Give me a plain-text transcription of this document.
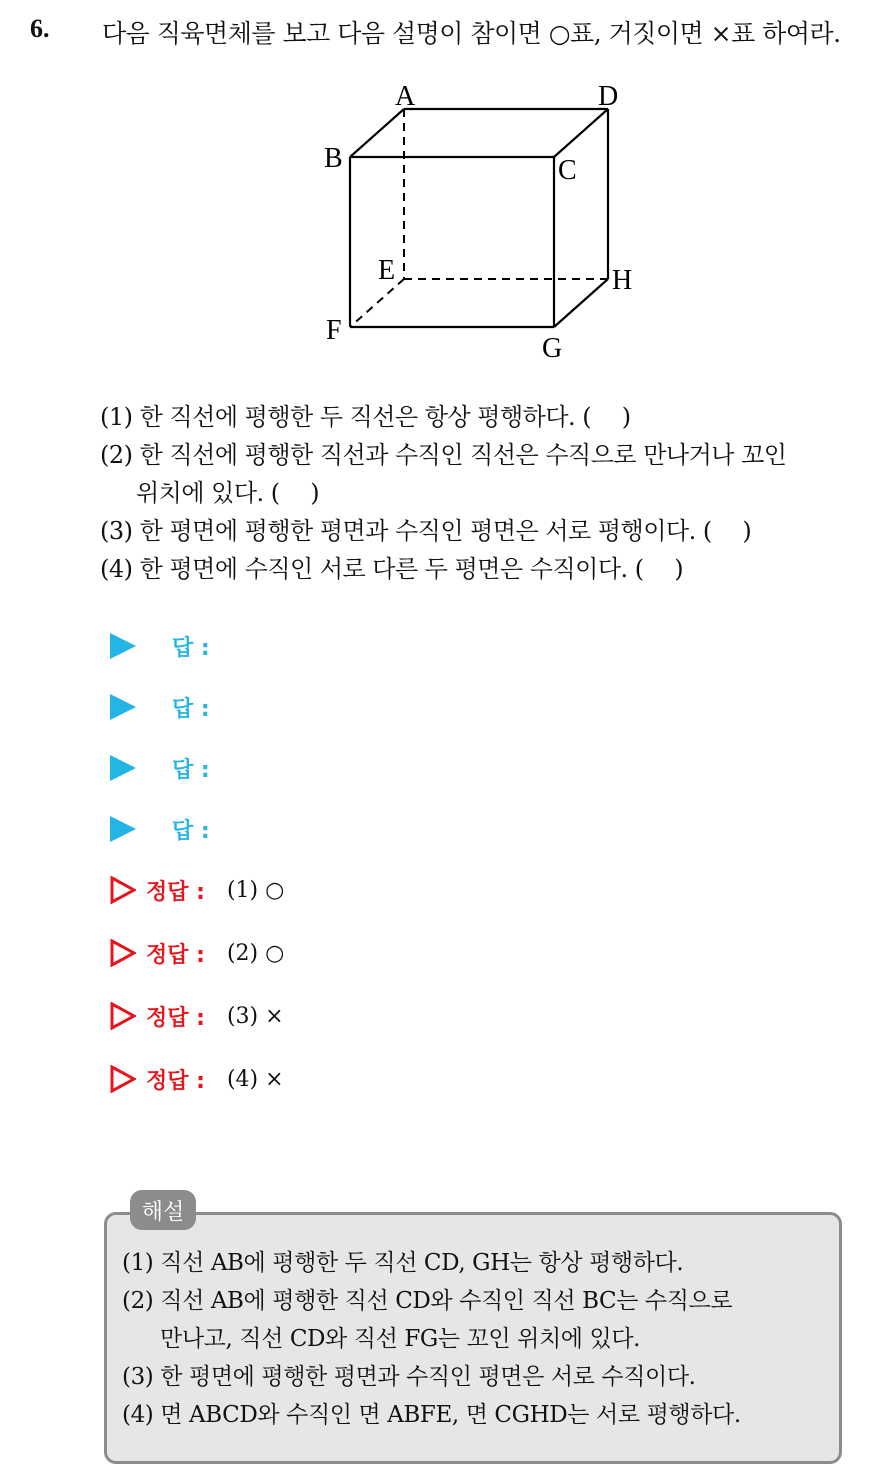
6. 다음 직육면체를 보고 다음 설명이 참이면 ○표, 거짓이면 ×표 하여라.
A	D
B	C
E	H
F
G
(1) 한 직선에 평행한 두 직선은 항상 평행하다. (　 )
(2) 한 직선에 평행한 직선과 수직인 직선은 수직으로 만나거나 꼬인
위치에 있다. (　 )
(3) 한 평면에 평행한 평면과 수직인 평면은 서로 평행이다. (　 )
(4) 한 평면에 수직인 서로 다른 두 평면은 수직이다. (　 )
답 :
답 :
답 :
답 :
정답 : (1) ○
정답 : (2) ○
정답 : (3) ×
정답 : (4) ×
해설
(1) 직선 AB에 평행한 두 직선 CD, GH는 항상 평행하다.
(2) 직선 AB에 평행한 직선 CD와 수직인 직선 BC는 수직으로
만나고, 직선 CD와 직선 FG는 꼬인 위치에 있다.
(3) 한 평면에 평행한 평면과 수직인 평면은 서로 수직이다.
(4) 면 ABCD와 수직인 면 ABFE, 면 CGHD는 서로 평행하다.
